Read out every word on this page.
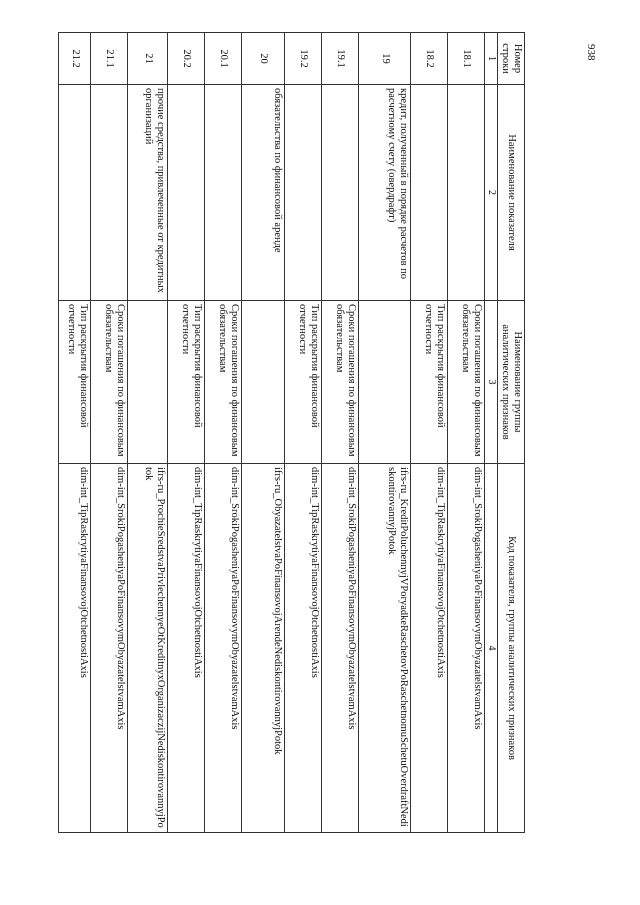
938
Номер строки	Наименование показателя	Наименование группы аналитических признаков	Код показателя, группы аналитических признаков
1	2	3	4
18.1		Сроки погашения по финансовым обязательствам	dim-int_SrokiPogasheniyaPoFinansovymObyazatelstvamAxis
18.2		Тип раскрытия финансовой отчетности	dim-int_TipRaskrytiyaFinansovojOtchetnostiAxis
19	кредит, полученный в порядке расчетов по расчетному счету (овердрафт)		ifrs-ru_KreditPoluchennyjVPoryadkeRaschetovPoRaschetnomuSchetuOverdraftNediskontirovannyjPotok
19.1		Сроки погашения по финансовым обязательствам	dim-int_SrokiPogasheniyaPoFinansovymObyazatelstvamAxis
19.2		Тип раскрытия финансовой отчетности	dim-int_TipRaskrytiyaFinansovojOtchetnostiAxis
20	обязательства по финансовой аренде		ifrs-ru_ObyazatelstvaPoFinansovojArendeNediskontirovannyjPotok
20.1		Сроки погашения по финансовым обязательствам	dim-int_SrokiPogasheniyaPoFinansovymObyazatelstvamAxis
20.2		Тип раскрытия финансовой отчетности	dim-int_TipRaskrytiyaFinansovojOtchetnostiAxis
21	прочие средства, привлеченные от кредитных организаций		ifrs-ru_ProchieSredstvaPrivlechennyeOtKreditnyxOrganizaczijNediskontirovannyjPotok
21.1		Сроки погашения по финансовым обязательствам	dim-int_SrokiPogasheniyaPoFinansovymObyazatelstvamAxis
21.2		Тип раскрытия финансовой отчетности	dim-int_TipRaskrytiyaFinansovojOtchetnostiAxis
